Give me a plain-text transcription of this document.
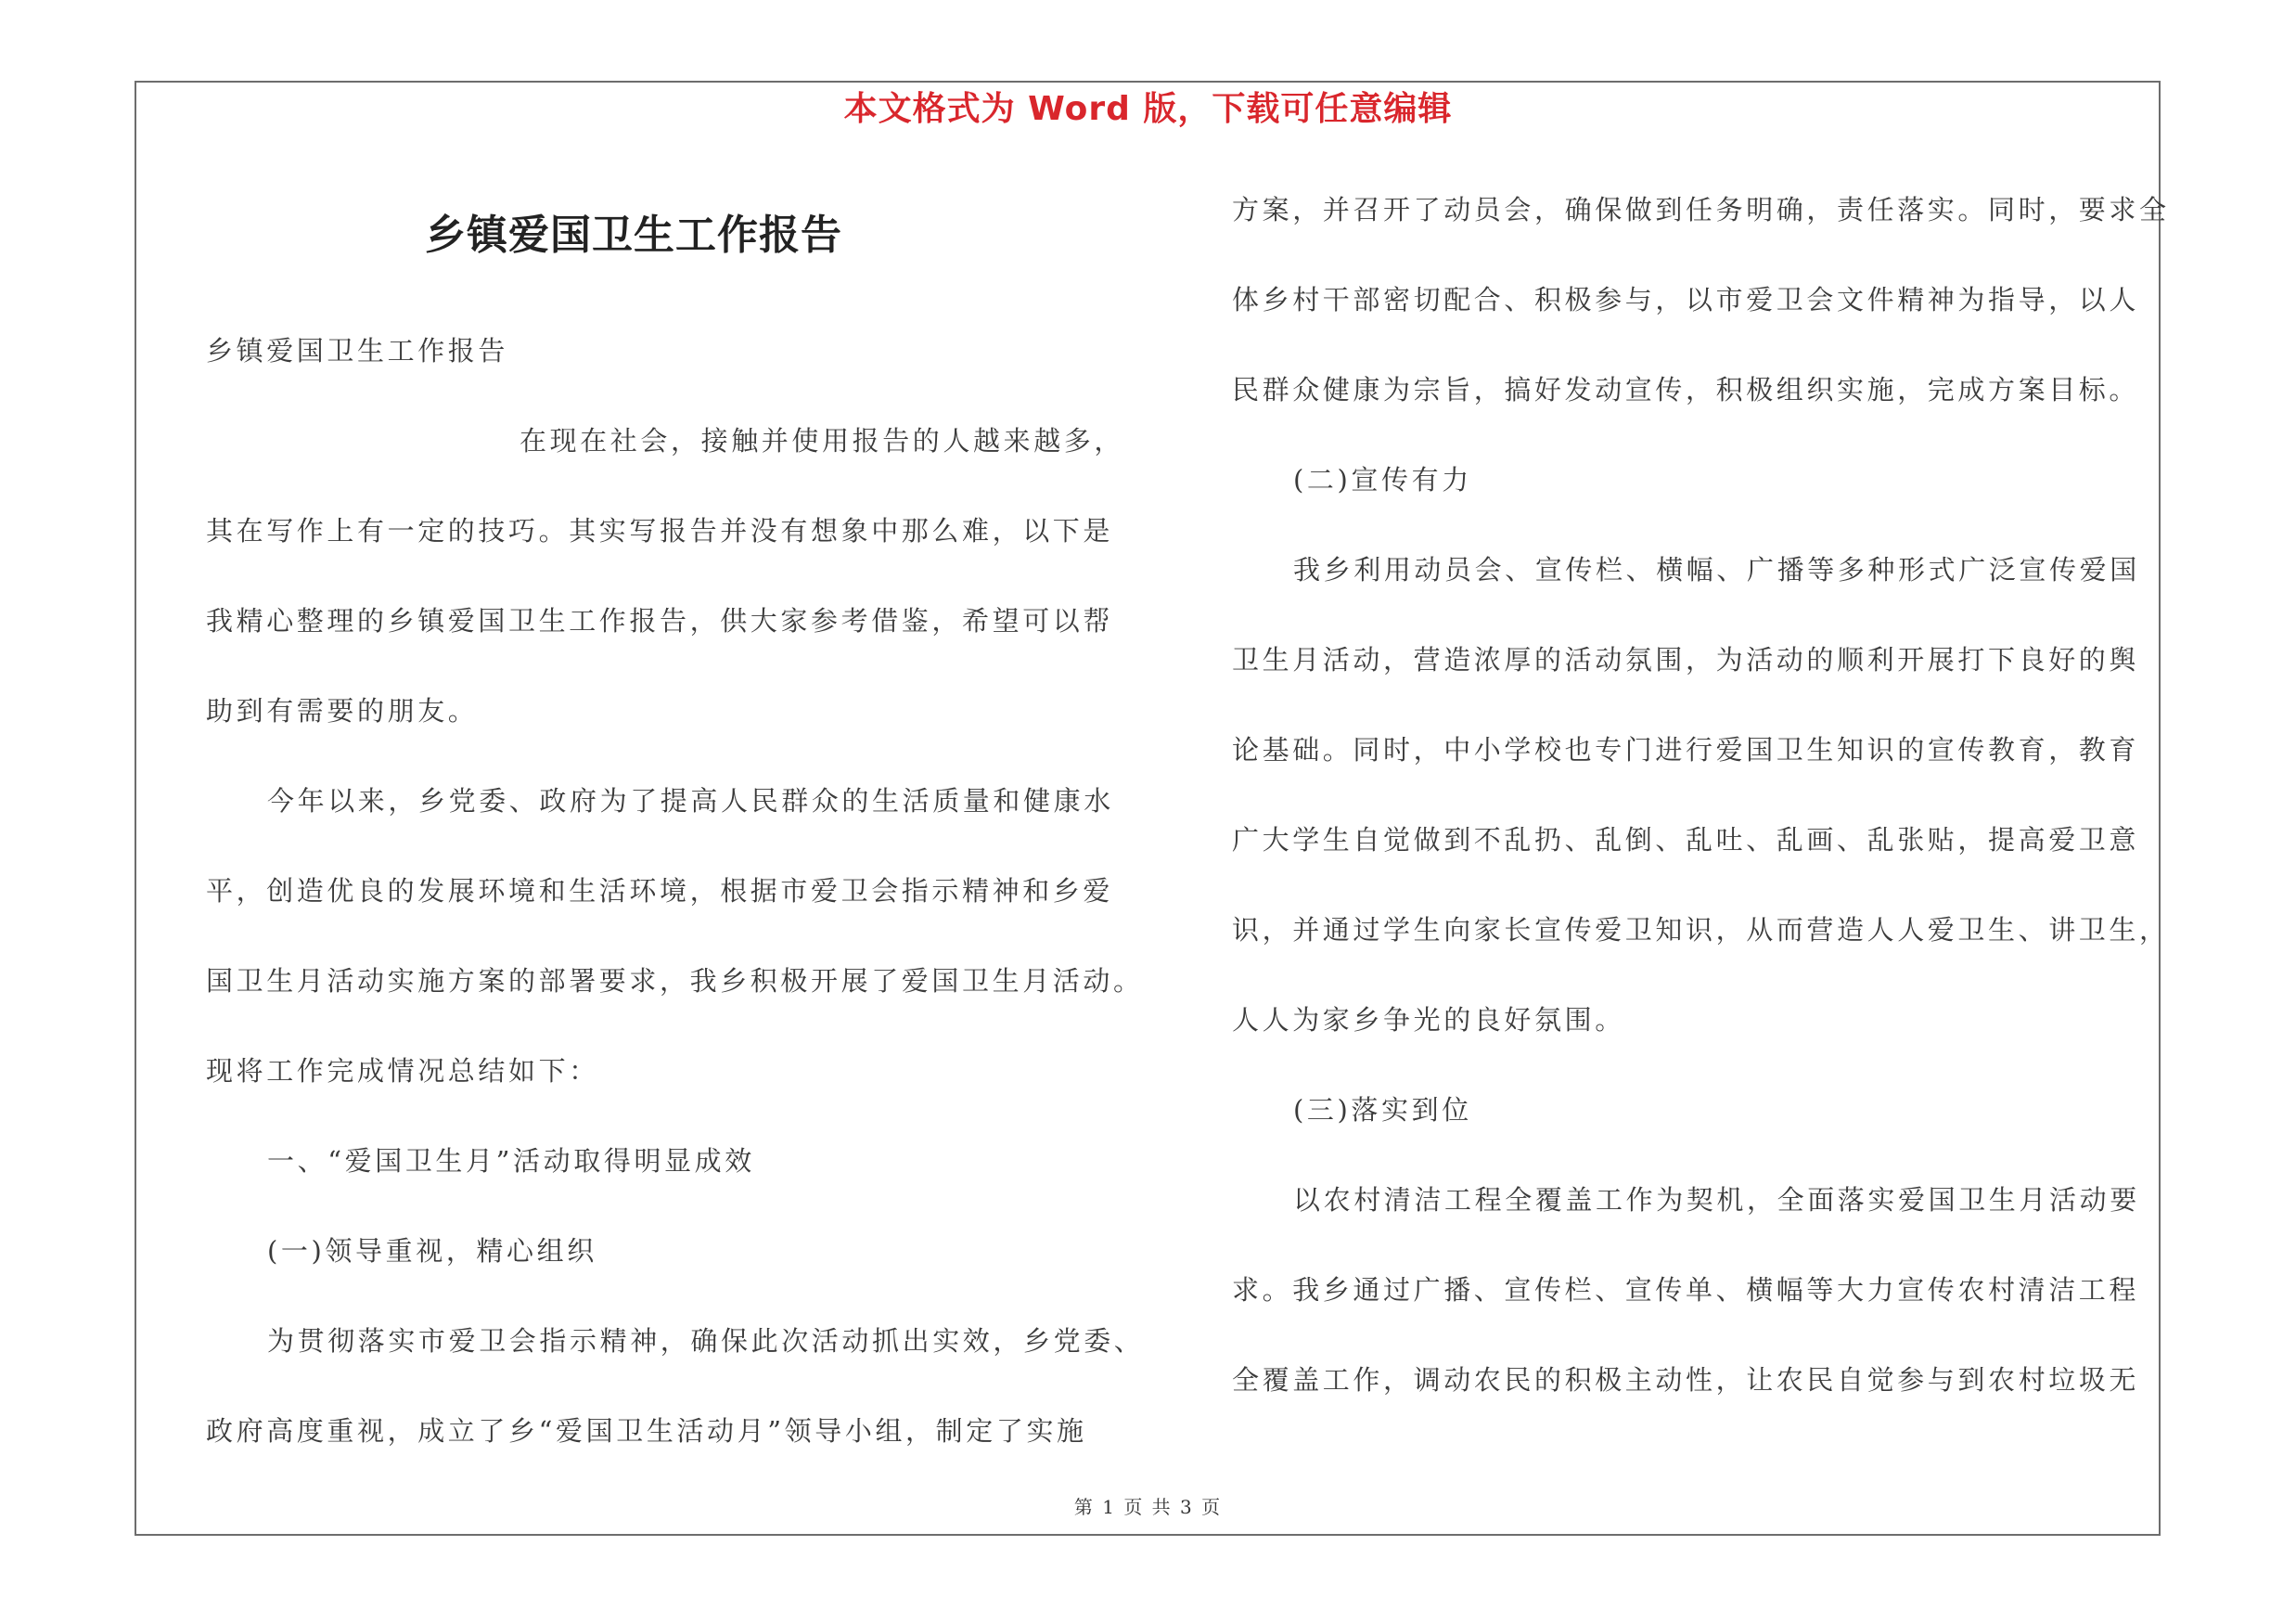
本文格式为 Word 版，下载可任意编辑
乡镇爱国卫生工作报告
乡镇爱国卫生工作报告
在现在社会，接触并使用报告的人越来越多，
其在写作上有一定的技巧。其实写报告并没有想象中那么难，以下是
我精心整理的乡镇爱国卫生工作报告，供大家参考借鉴，希望可以帮
助到有需要的朋友。
今年以来，乡党委、政府为了提高人民群众的生活质量和健康水
平，创造优良的发展环境和生活环境，根据市爱卫会指示精神和乡爱
国卫生月活动实施方案的部署要求，我乡积极开展了爱国卫生月活动。
现将工作完成情况总结如下：
一、“爱国卫生月”活动取得明显成效
(一)领导重视，精心组织
为贯彻落实市爱卫会指示精神，确保此次活动抓出实效，乡党委、
政府高度重视，成立了乡“爱国卫生活动月”领导小组，制定了实施
方案，并召开了动员会，确保做到任务明确，责任落实。同时，要求全
体乡村干部密切配合、积极参与，以市爱卫会文件精神为指导，以人
民群众健康为宗旨，搞好发动宣传，积极组织实施，完成方案目标。
(二)宣传有力
我乡利用动员会、宣传栏、横幅、广播等多种形式广泛宣传爱国
卫生月活动，营造浓厚的活动氛围，为活动的顺利开展打下良好的舆
论基础。同时，中小学校也专门进行爱国卫生知识的宣传教育，教育
广大学生自觉做到不乱扔、乱倒、乱吐、乱画、乱张贴，提高爱卫意
识，并通过学生向家长宣传爱卫知识，从而营造人人爱卫生、讲卫生，
人人为家乡争光的良好氛围。
(三)落实到位
以农村清洁工程全覆盖工作为契机，全面落实爱国卫生月活动要
求。我乡通过广播、宣传栏、宣传单、横幅等大力宣传农村清洁工程
全覆盖工作，调动农民的积极主动性，让农民自觉参与到农村垃圾无
第 1 页 共 3 页
